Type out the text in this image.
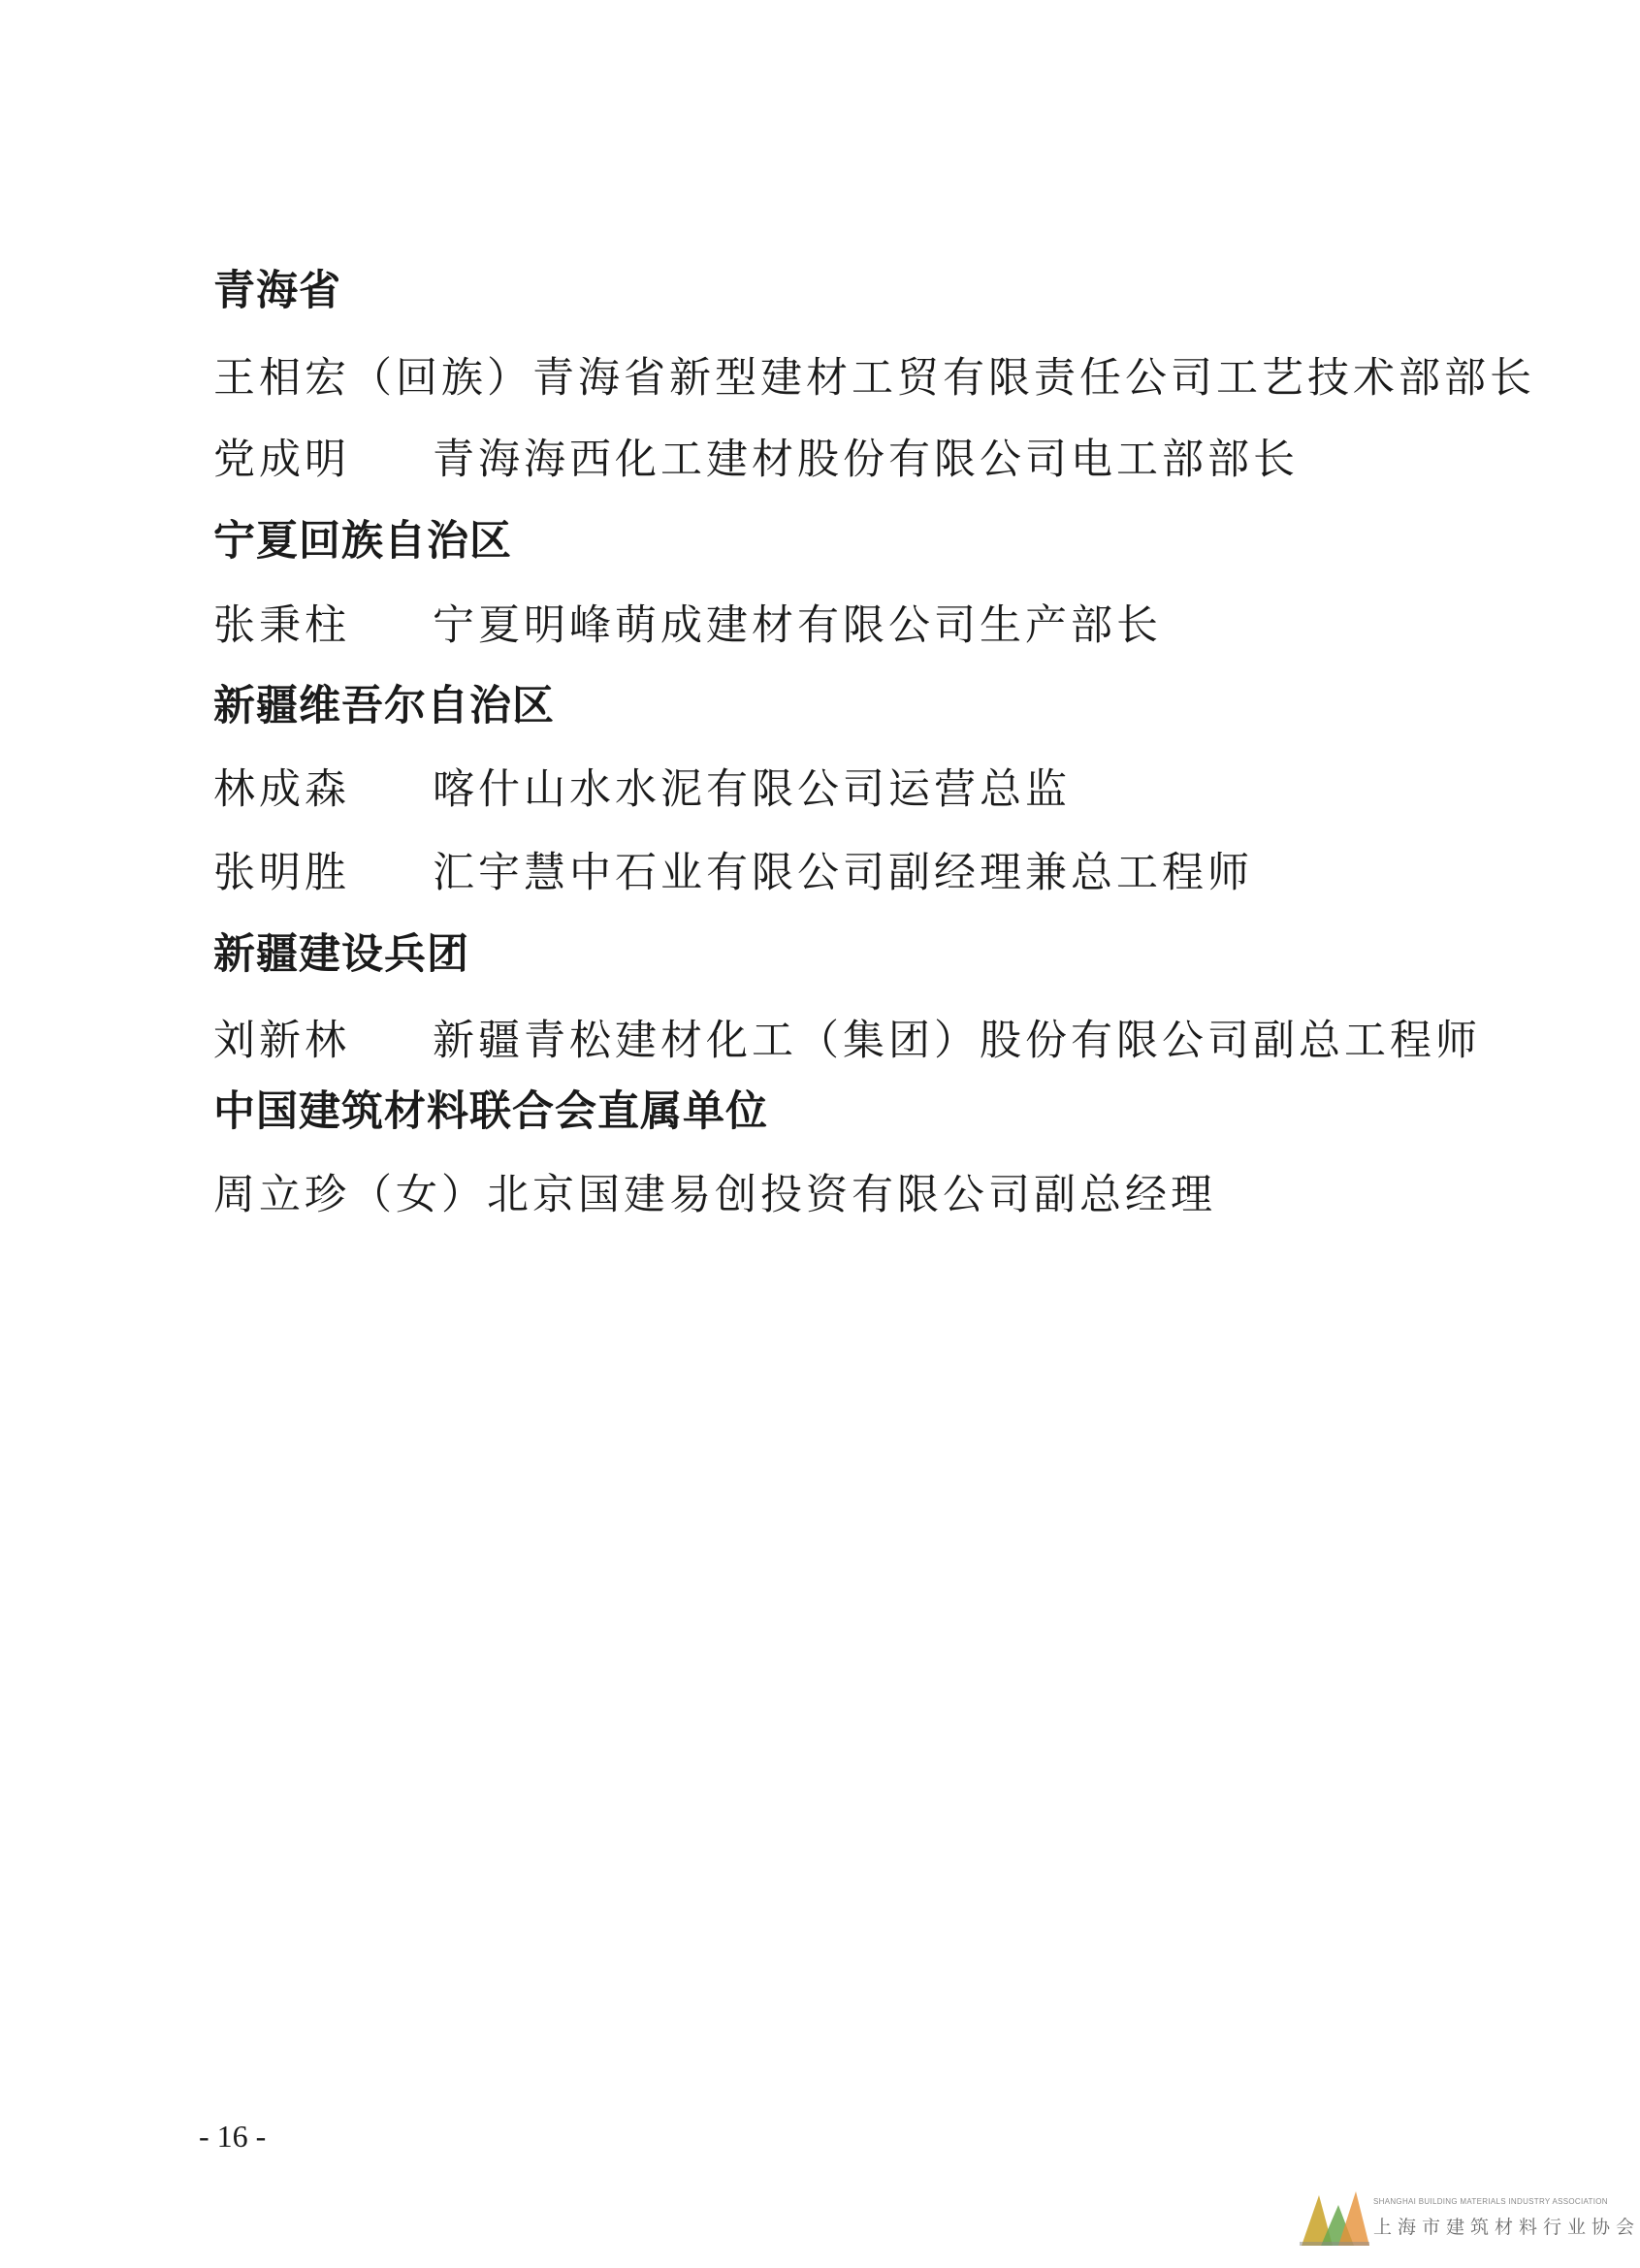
青海省
王相宏（回族）青海省新型建材工贸有限责任公司工艺技术部部长
党成明 青海海西化工建材股份有限公司电工部部长
宁夏回族自治区
张秉柱 宁夏明峰萌成建材有限公司生产部长
新疆维吾尔自治区
林成森 喀什山水水泥有限公司运营总监
张明胜 汇宇慧中石业有限公司副经理兼总工程师
新疆建设兵团
刘新林 新疆青松建材化工（集团）股份有限公司副总工程师
中国建筑材料联合会直属单位
周立珍（女）北京国建易创投资有限公司副总经理
- 16 -
SHANGHAI BUILDING MATERIALS INDUSTRY ASSOCIATION
上海市建筑材料行业协会
